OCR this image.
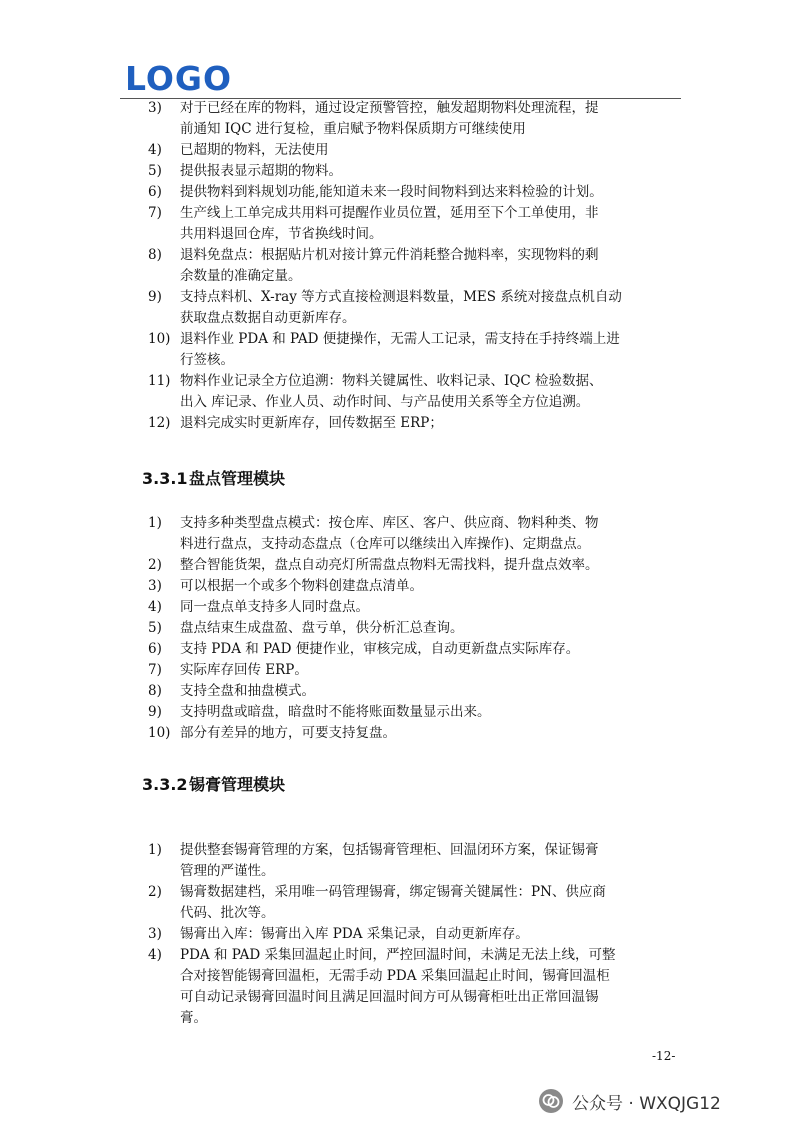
LOGO
3)	对于已经在库的物料，通过设定预警管控，触发超期物料处理流程，提
前通知 IQC 进行复检，重启赋予物料保质期方可继续使用
4)	已超期的物料，无法使用
5)	提供报表显示超期的物料。
6)	提供物料到料规划功能,能知道未来一段时间物料到达来料检验的计划。
7)	生产线上工单完成共用料可提醒作业员位置，延用至下个工单使用，非
共用料退回仓库，节省换线时间。
8)	退料免盘点：根据贴片机对接计算元件消耗整合抛料率，实现物料的剩
余数量的准确定量。
9)	支持点料机、X-ray 等方式直接检测退料数量，MES 系统对接盘点机自动
获取盘点数据自动更新库存。
10) 退料作业 PDA 和 PAD 便捷操作，无需人工记录，需支持在手持终端上进
行签核。
11) 物料作业记录全方位追溯：物料关键属性、收料记录、IQC 检验数据、
出入 库记录、作业人员、动作时间、与产品使用关系等全方位追溯。
12) 退料完成实时更新库存，回传数据至 ERP；
3.3.1盘点管理模块
1)	支持多种类型盘点模式：按仓库、库区、客户、供应商、物料种类、物
料进行盘点，支持动态盘点（仓库可以继续出入库操作)、定期盘点。
2)	整合智能货架，盘点自动亮灯所需盘点物料无需找料，提升盘点效率。
3)	可以根据一个或多个物料创建盘点清单。
4)	同一盘点单支持多人同时盘点。
5)	盘点结束生成盘盈、盘亏单，供分析汇总查询。
6)	支持 PDA 和 PAD 便捷作业，审核完成，自动更新盘点实际库存。
7)	实际库存回传 ERP。
8)	支持全盘和抽盘模式。
9)	支持明盘或暗盘，暗盘时不能将账面数量显示出来。
10) 部分有差异的地方，可要支持复盘。
3.3.2锡膏管理模块
1)	提供整套锡膏管理的方案，包括锡膏管理柜、回温闭环方案，保证锡膏
管理的严谨性。
2)	锡膏数据建档，采用唯一码管理锡膏，绑定锡膏关键属性：PN、供应商
代码、批次等。
3)	锡膏出入库：锡膏出入库 PDA 采集记录，自动更新库存。
4)	PDA 和 PAD 采集回温起止时间，严控回温时间，未满足无法上线，可整
合对接智能锡膏回温柜，无需手动 PDA 采集回温起止时间，锡膏回温柜
可自动记录锡膏回温时间且满足回温时间方可从锡膏柜吐出正常回温锡
膏。
-12-
公众号 · WXQJG12
